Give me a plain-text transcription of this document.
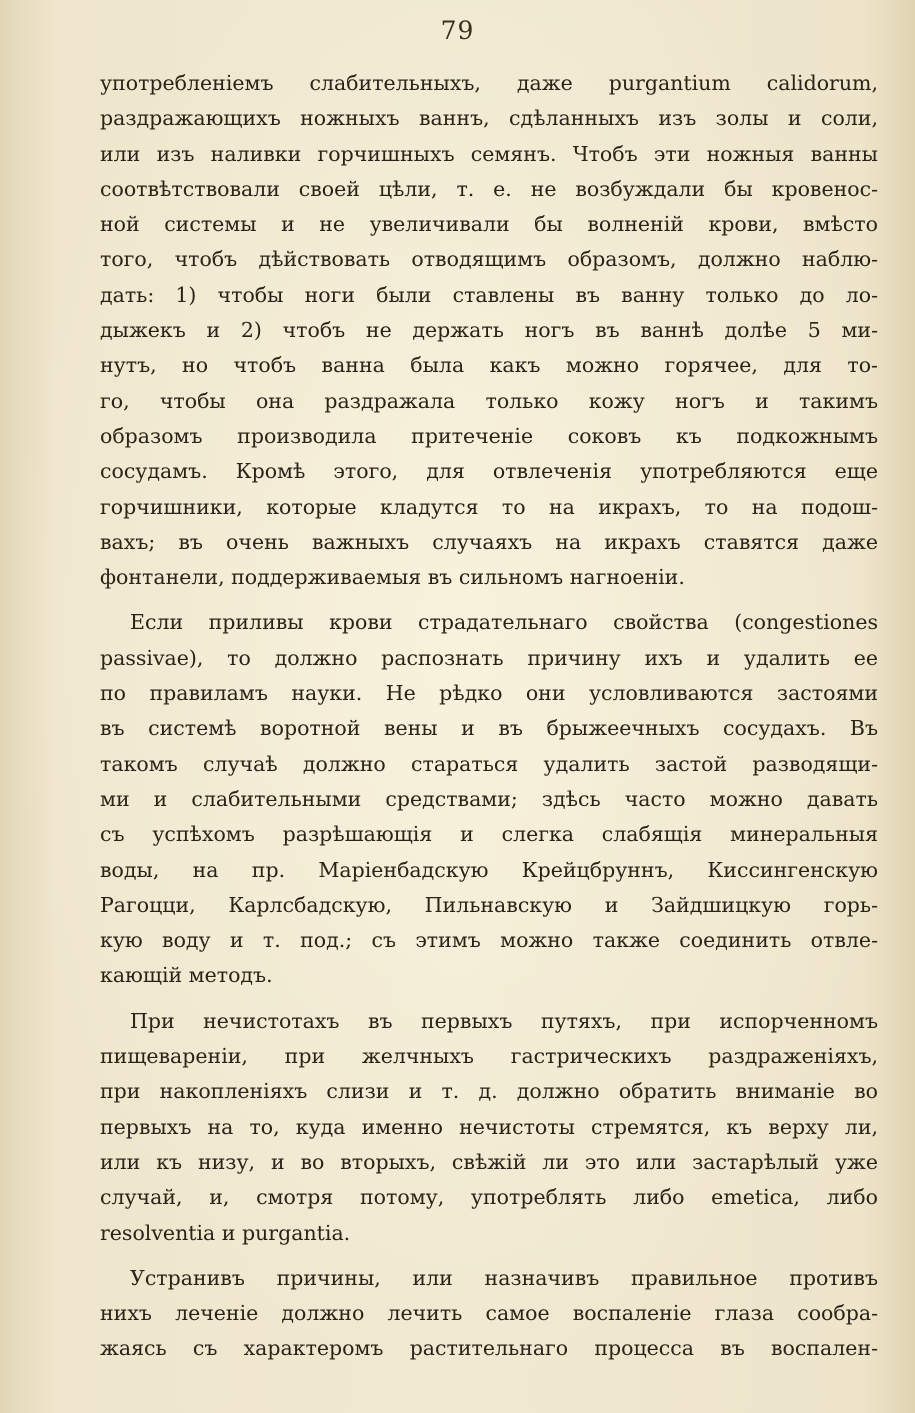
79
употребленіемъ слабительныхъ, даже purgantium calidorum,
раздражающихъ ножныхъ ваннъ, сдѣланныхъ изъ золы и соли,
или изъ наливки горчишныхъ семянъ. Чтобъ эти ножныя ванны
соотвѣтствовали своей цѣли, т. е. не возбуждали бы кровенос-
ной системы и не увеличивали бы волненій крови, вмѣсто
того, чтобъ дѣйствовать отводящимъ образомъ, должно наблю-
дать: 1) чтобы ноги были ставлены въ ванну только до ло-
дыжекъ и 2) чтобъ не держать ногъ въ ваннѣ долѣе 5 ми-
нутъ, но чтобъ ванна была какъ можно горячее, для то-
го, чтобы она раздражала только кожу ногъ и такимъ
образомъ производила притеченіе соковъ къ подкожнымъ
сосудамъ. Кромѣ этого, для отвлеченія употребляются еще
горчишники, которые кладутся то на икрахъ, то на подош-
вахъ; въ очень важныхъ случаяхъ на икрахъ ставятся даже
фонтанели, поддерживаемыя въ сильномъ нагноеніи.
Если приливы крови страдательнаго свойства (congestiones
passivae), то должно распознать причину ихъ и удалить ее
по правиламъ науки. Не рѣдко они условливаются застоями
въ системѣ воротной вены и въ брыжеечныхъ сосудахъ. Въ
такомъ случаѣ должно стараться удалить застой разводящи-
ми и слабительными средствами; здѣсь часто можно давать
съ успѣхомъ разрѣшающія и слегка слабящія минеральныя
воды, на пр. Маріенбадскую Крейцбруннъ, Киссингенскую
Рагоцци, Карлсбадскую, Пильнавскую и Зайдшицкую горь-
кую воду и т. под.; съ этимъ можно также соединить отвле-
кающій методъ.
При нечистотахъ въ первыхъ путяхъ, при испорченномъ
пищевареніи, при желчныхъ гастрическихъ раздраженіяхъ,
при накопленіяхъ слизи и т. д. должно обратить вниманіе во
первыхъ на то, куда именно нечистоты стремятся, къ верху ли,
или къ низу, и во вторыхъ, свѣжій ли это или застарѣлый уже
случай, и, смотря потому, употреблять либо emetica, либо
resolventia и purgantia.
Устранивъ причины, или назначивъ правильное противъ
нихъ леченіе должно лечить самое воспаленіе глаза сообра-
жаясь съ характеромъ растительнаго процесса въ воспален-
